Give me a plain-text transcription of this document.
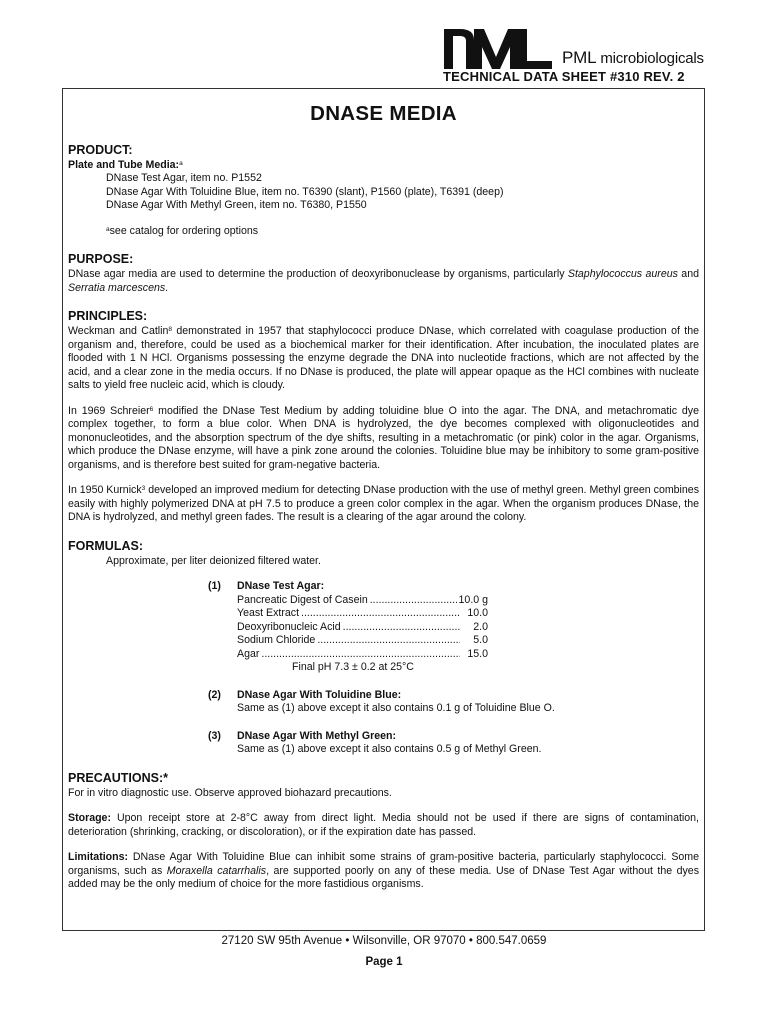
PML microbiologicals
TECHNICAL DATA SHEET #310 REV. 2
DNASE MEDIA
PRODUCT:
Plate and Tube Media:$^a$

DNase Test Agar, item no. P1552

DNase Agar With Toluidine Blue, item no. T6390 (slant), P1560 (plate), T6391 (deep)

DNase Agar With Methyl Green, item no. T6380, P1550

$^a$see catalog for ordering options

PURPOSE:

DNase agar media are used to determine the production of deoxyribonuclease by organisms, particularly Staphylococcus aureus and Serratia marcescens.

PRINCIPLES:

Weckman and Catlin$^8$ demonstrated in 1957 that staphylococci produce DNase, which correlated with coagulase production of the organism and, therefore, could be used as a biochemical marker for their identification. After incubation, the inoculated plates are flooded with 1 N HCl. Organisms possessing the enzyme degrade the DNA into nucleotide fractions, which are not affected by the acid, and a clear zone in the media occurs. If no DNase is produced, the plate will appear opaque as the HCl combines with nucleate salts to yield free nucleic acid, which is cloudy.

In 1969 Schreier$^6$ modified the DNase Test Medium by adding toluidine blue O into the agar. The DNA, and metachromatic dye complex together, to form a blue color. When DNA is hydrolyzed, the dye becomes complexed with oligonucleotides and mononucleotides, and the absorption spectrum of the dye shifts, resulting in a metachromatic (or pink) color in the agar. Organisms, which produce the DNase enzyme, will have a pink zone around the colonies. Toluidine blue may be inhibitory to some gram-positive organisms, and is therefore best suited for gram-negative bacteria.

In 1950 Kurnick$^3$ developed an improved medium for detecting DNase production with the use of methyl green. Methyl green combines easily with highly polymerized DNA at pH 7.5 to produce a green color complex in the agar. When the organism produces DNase, the DNA is hydrolyzed, and methyl green fades. The result is a clearing of the agar around the colony.

FORMULAS:

Approximate, per liter deionized filtered water.

(1) DNase Test Agar:
Pancreatic Digest of Casein .....	10.0 g
Yeast Extract .....	10.0
Deoxyribonucleic Acid .....	2.0
Sodium Chloride .....	5.0
Agar .....	15.0
Final pH 7.3 ± 0.2 at 25°C
(2) DNase Agar With Toluidine Blue:
Same as (1) above except it also contains 0.1 g of Toluidine Blue O.
(3) DNase Agar With Methyl Green:
Same as (1) above except it also contains 0.5 g of Methyl Green.
PRECAUTIONS:*

For in vitro diagnostic use. Observe approved biohazard precautions.

Storage: Upon receipt store at 2-8°C away from direct light. Media should not be used if there are signs of contamination, deterioration (shrinking, cracking, or discoloration), or if the expiration date has passed.

Limitations: DNase Agar With Toluidine Blue can inhibit some strains of gram-positive bacteria, particularly staphylococci. Some organisms, such as Moraxella catarrhalis, are supported poorly on any of these media. Use of DNase Test Agar without the dyes added may be the only medium of choice for the more fastidious organisms.

27120 SW 95th Avenue • Wilsonville, OR 97070 • 800.547.0659
Page 1
